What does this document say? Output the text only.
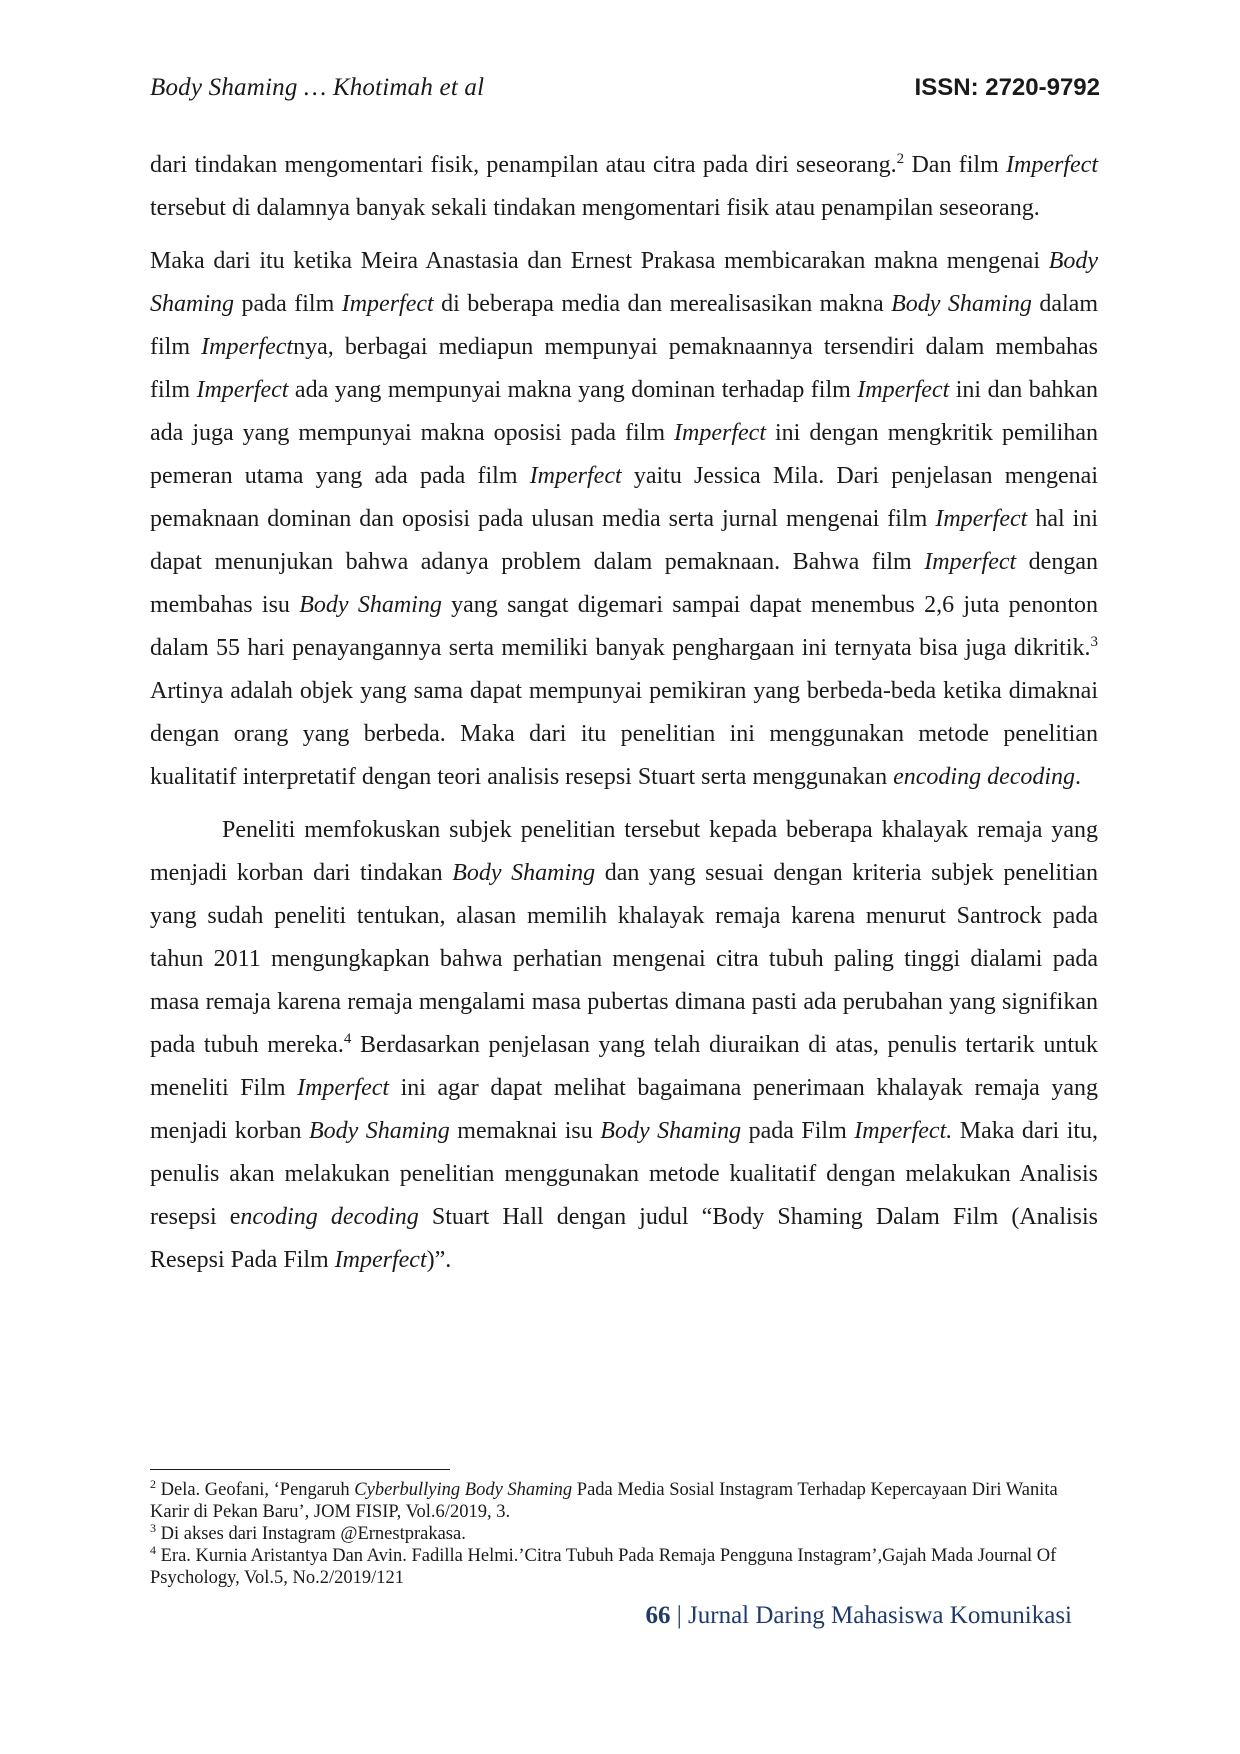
Body Shaming … Khotimah et al	ISSN: 2720-9792

dari tindakan mengomentari fisik, penampilan atau citra pada diri seseorang.$^2$ Dan film Imperfect tersebut di dalamnya banyak sekali tindakan mengomentari fisik atau penampilan seseorang.

Maka dari itu ketika Meira Anastasia dan Ernest Prakasa membicarakan makna mengenai Body Shaming pada film Imperfect di beberapa media dan merealisasikan makna Body Shaming dalam film Imperfectnya, berbagai mediapun mempunyai pemaknaannya tersendiri dalam membahas film Imperfect ada yang mempunyai makna yang dominan terhadap film Imperfect ini dan bahkan ada juga yang mempunyai makna oposisi pada film Imperfect ini dengan mengkritik pemilihan pemeran utama yang ada pada film Imperfect yaitu Jessica Mila. Dari penjelasan mengenai pemaknaan dominan dan oposisi pada ulusan media serta jurnal mengenai film Imperfect hal ini dapat menunjukan bahwa adanya problem dalam pemaknaan. Bahwa film Imperfect dengan membahas isu Body Shaming yang sangat digemari sampai dapat menembus 2,6 juta penonton dalam 55 hari penayangannya serta memiliki banyak penghargaan ini ternyata bisa juga dikritik.$^3$ Artinya adalah objek yang sama dapat mempunyai pemikiran yang berbeda-beda ketika dimaknai dengan orang yang berbeda. Maka dari itu penelitian ini menggunakan metode penelitian kualitatif interpretatif dengan teori analisis resepsi Stuart serta menggunakan encoding decoding.

Peneliti memfokuskan subjek penelitian tersebut kepada beberapa khalayak remaja yang menjadi korban dari tindakan Body Shaming dan yang sesuai dengan kriteria subjek penelitian yang sudah peneliti tentukan, alasan memilih khalayak remaja karena menurut Santrock pada tahun 2011 mengungkapkan bahwa perhatian mengenai citra tubuh paling tinggi dialami pada masa remaja karena remaja mengalami masa pubertas dimana pasti ada perubahan yang signifikan pada tubuh mereka.$^4$ Berdasarkan penjelasan yang telah diuraikan di atas, penulis tertarik untuk meneliti Film Imperfect ini agar dapat melihat bagaimana penerimaan khalayak remaja yang menjadi korban Body Shaming memaknai isu Body Shaming pada Film Imperfect. Maka dari itu, penulis akan melakukan penelitian menggunakan metode kualitatif dengan melakukan Analisis resepsi encoding decoding Stuart Hall dengan judul “Body Shaming Dalam Film (Analisis Resepsi Pada Film Imperfect)”.

$^2$ Dela. Geofani, ‘Pengaruh Cyberbullying Body Shaming Pada Media Sosial Instagram Terhadap Kepercayaan Diri Wanita Karir di Pekan Baru’, JOM FISIP, Vol.6/2019, 3.

$^3$ Di akses dari Instagram @Ernestprakasa.

$^4$ Era. Kurnia Aristantya Dan Avin. Fadilla Helmi.’Citra Tubuh Pada Remaja Pengguna Instagram’,Gajah Mada Journal Of Psychology, Vol.5, No.2/2019/121

66 | Jurnal Daring Mahasiswa Komunikasi
